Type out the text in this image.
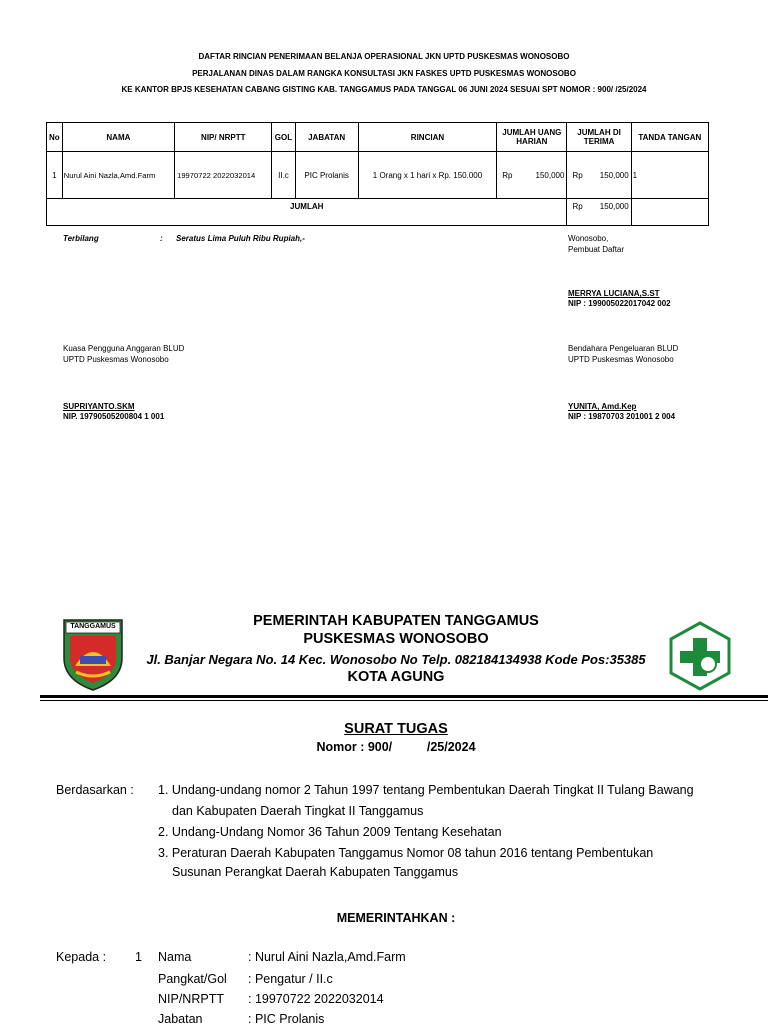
DAFTAR RINCIAN PENERIMAAN BELANJA OPERASIONAL JKN UPTD PUSKESMAS WONOSOBO
PERJALANAN DINAS DALAM RANGKA KONSULTASI JKN FASKES UPTD PUSKESMAS WONOSOBO
KE KANTOR BPJS KESEHATAN CABANG GISTING KAB. TANGGAMUS PADA TANGGAL 06 JUNI 2024 SESUAI SPT NOMOR : 900/ /25/2024
No	NAMA	NIP/ NRPTT	GOL	JABATAN	RINCIAN	JUMLAH UANG HARIAN	JUMLAH DI TERIMA	TANDA TANGAN
1	Nurul Aini Nazla,Amd.Farm	19970722 2022032014	II.c	PIC Prolanis	1 Orang x 1 hari x Rp. 150.000	Rp 150,000	Rp 150,000	1
JUMLAH							Rp 150,000	

Terbilang	: Seratus Lima Puluh Ribu Rupiah,-	Wonosobo,
Pembuat Daftar
MERRYA LUCIANA,S.ST
NIP : 199005022017042 002
Kuasa Pengguna Anggaran BLUD
UPTD Puskesmas Wonosobo
SUPRIYANTO.SKM
NIP. 19790505200804 1 001
Bendahara Pengeluaran BLUD
UPTD Puskesmas Wonosobo
YUNITA, Amd.Kep
NIP : 19870703 201001 2 004
TANGGAMUS	PEMERINTAH KABUPATEN TANGGAMUS
PUSKESMAS WONOSOBO
Jl. Banjar Negara No. 14 Kec. Wonosobo No Telp. 082184134938 Kode Pos:35385
KOTA AGUNG
SURAT TUGAS
Nomor : 900/          /25/2024
Berdasarkan : 1. Undang-undang nomor 2 Tahun 1997 tentang Pembentukan Daerah Tingkat II Tulang Bawang
dan Kabupaten Daerah Tingkat II Tanggamus
2. Undang-Undang Nomor 36 Tahun 2009 Tentang Kesehatan
3. Peraturan Daerah Kabupaten Tanggamus Nomor 08 tahun 2016 tentang Pembentukan
Susunan Perangkat Daerah Kabupaten Tanggamus
MEMERINTAHKAN :
Kepada : 1 Nama	: Nurul Aini Nazla,Amd.Farm
Pangkat/Gol : Pengatur / II.c
NIP/NRPTT : 19970722 2022032014
Jabatan	: PIC Prolanis
